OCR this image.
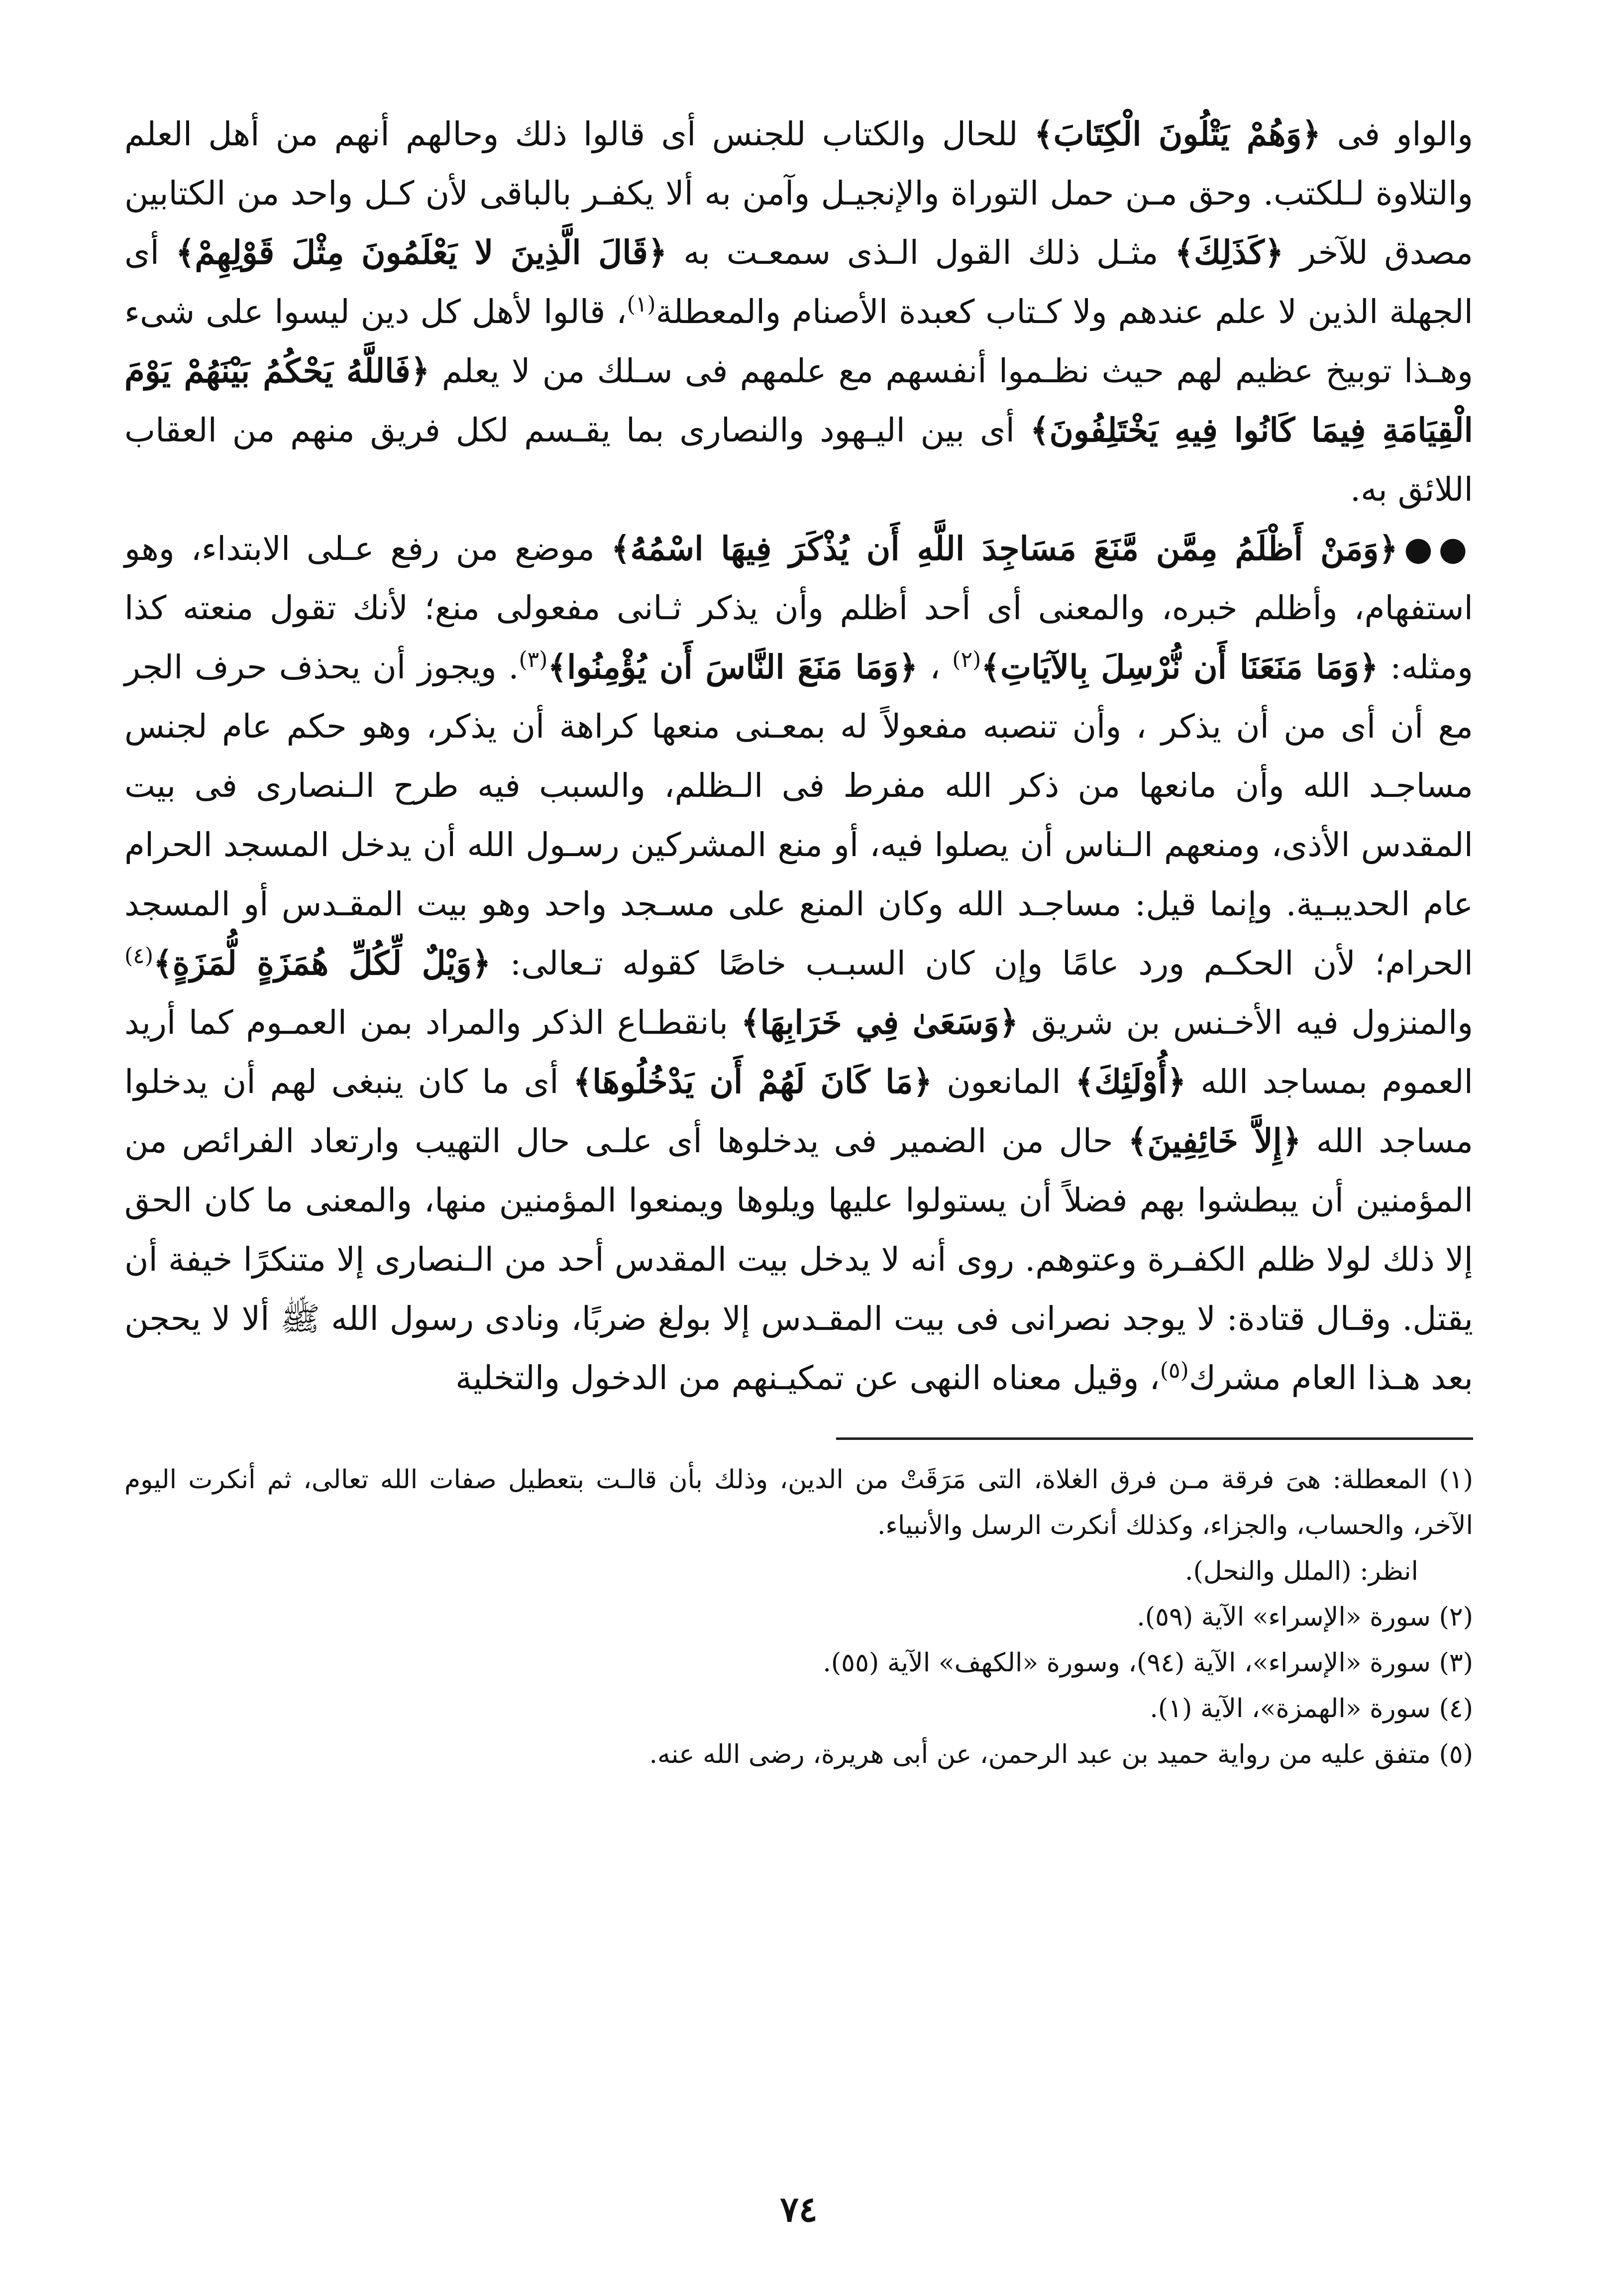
والواو فى ﴿وَهُمْ يَتْلُونَ الْكِتَابَ﴾ للحال والكتاب للجنس أى قالوا ذلك وحالهم أنهم من أهل العلم والتلاوة لـلكتب. وحق مـن حمل التوراة والإنجيـل وآمن به ألا يكفـر بالباقى لأن كـل واحد من الكتابين مصدق للآخر ﴿كَذَلِكَ﴾ مثـل ذلك القول الـذى سمعـت به ﴿قَالَ الَّذِينَ لا يَعْلَمُونَ مِثْلَ قَوْلِهِمْ﴾ أى الجهلة الذين لا علم عندهم ولا كـتاب كعبدة الأصنام والمعطلة$^{(١)}$، قالوا لأهل كل دين ليسوا على شىء وهـذا توبيخ عظيم لهم حيث نظـموا أنفسهم مع علمهم فى سـلك من لا يعلم ﴿فَاللَّهُ يَحْكُمُ بَيْنَهُمْ يَوْمَ الْقِيَامَةِ فِيمَا كَانُوا فِيهِ يَخْتَلِفُونَ﴾ أى بين اليـهود والنصارى بما يقـسم لكل فريق منهم من العقاب اللائق به.

●●﴿وَمَنْ أَظْلَمُ مِمَّن مَّنَعَ مَسَاجِدَ اللَّهِ أَن يُذْكَرَ فِيهَا اسْمُهُ﴾ موضع من رفع عـلى الابتداء، وهو استفهام، وأظلم خبره، والمعنى أى أحد أظلم وأن يذكر ثـانى مفعولى منع؛ لأنك تقول منعته كذا ومثله: ﴿وَمَا مَنَعَنَا أَن نُّرْسِلَ بِالآيَاتِ﴾$^{(٢)}$ ، ﴿وَمَا مَنَعَ النَّاسَ أَن يُؤْمِنُوا﴾$^{(٣)}$. ويجوز أن يحذف حرف الجر مع أن أى من أن يذكر ، وأن تنصبه مفعولاً له بمعـنى منعها كراهة أن يذكر، وهو حكم عام لجنس مساجـد الله وأن مانعها من ذكر الله مفرط فى الـظلم، والسبب فيه طرح الـنصارى فى بيت المقدس الأذى، ومنعهم الـناس أن يصلوا فيه، أو منع المشركين رسـول الله أن يدخل المسجد الحرام عام الحديبـية. وإنما قيل: مساجـد الله وكان المنع على مسـجد واحد وهو بيت المقـدس أو المسجد الحرام؛ لأن الحكـم ورد عامًا وإن كان السبـب خاصًا كقوله تـعالى: ﴿وَيْلٌ لِّكُلِّ هُمَزَةٍ لُّمَزَةٍ﴾$^{(٤)}$ والمنزول فيه الأخـنس بن شريق ﴿وَسَعَىٰ فِي خَرَابِهَا﴾ بانقطـاع الذكر والمراد بمن العمـوم كما أريد العموم بمساجد الله ﴿أُوْلَئِكَ﴾ المانعون ﴿مَا كَانَ لَهُمْ أَن يَدْخُلُوهَا﴾ أى ما كان ينبغى لهم أن يدخلوا مساجد الله ﴿إِلاَّ خَائِفِينَ﴾ حال من الضمير فى يدخلوها أى علـى حال التهيب وارتعاد الفرائص من المؤمنين أن يبطشوا بهم فضلاً أن يستولوا عليها ويلوها ويمنعوا المؤمنين منها، والمعنى ما كان الحق إلا ذلك لولا ظلم الكفـرة وعتوهم. روى أنه لا يدخل بيت المقدس أحد من الـنصارى إلا متنكرًا خيفة أن يقتل. وقـال قتادة: لا يوجد نصرانى فى بيت المقـدس إلا بولغ ضربًا، ونادى رسول الله ﷺ ألا لا يحجن بعد هـذا العام مشرك$^{(٥)}$، وقيل معناه النهى عن تمكيـنهم من الدخول والتخلية

(١) المعطلة: هىَ فرقة مـن فرق الغلاة، التى مَرَقَتْ من الدين، وذلك بأن قالـت بتعطيل صفات الله تعالى، ثم أنكرت اليوم الآخر، والحساب، والجزاء، وكذلك أنكرت الرسل والأنبياء.

انظر: (الملل والنحل).

(٢) سورة «الإسراء» الآية (٥٩).

(٣) سورة «الإسراء»، الآية (٩٤)، وسورة «الكهف» الآية (٥٥).

(٤) سورة «الهمزة»، الآية (١).

(٥) متفق عليه من رواية حميد بن عبد الرحمن، عن أبى هريرة، رضى الله عنه.

٧٤
